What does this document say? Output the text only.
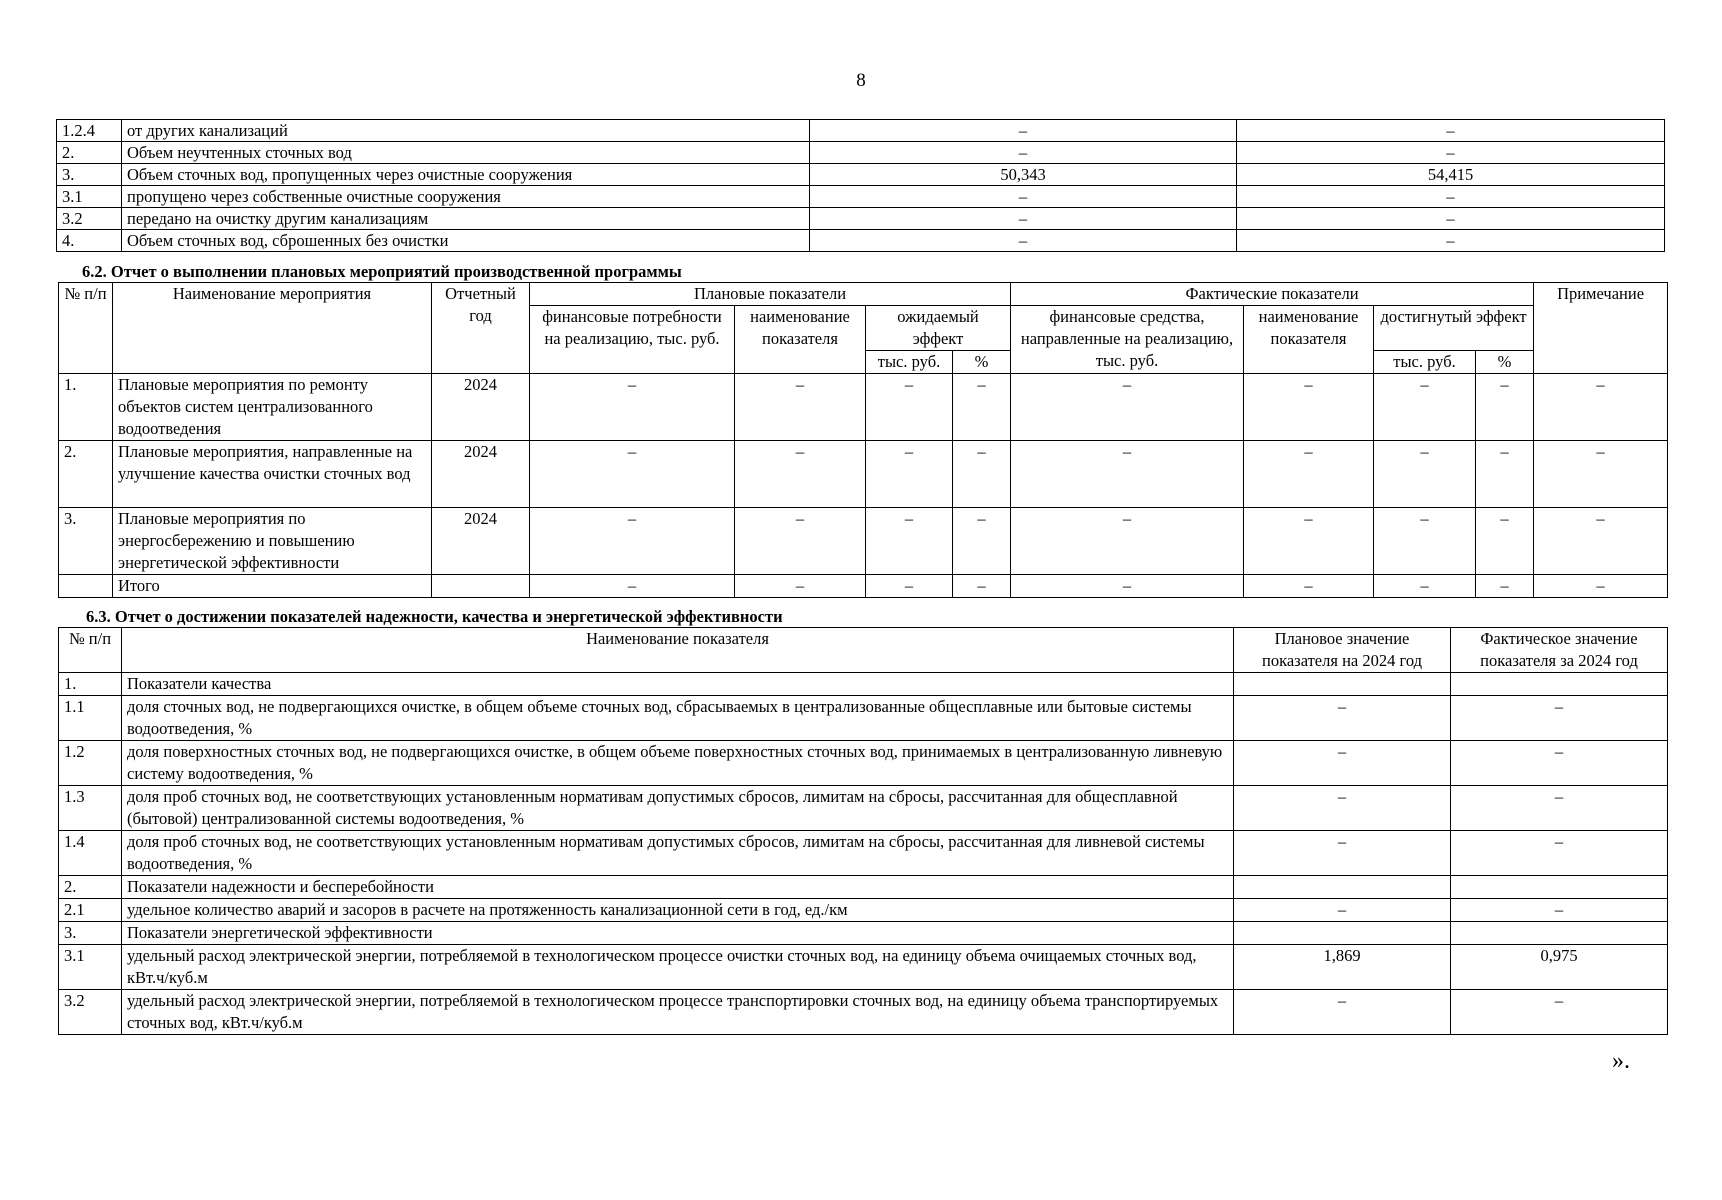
8
1.2.4	от других канализаций	–	–
2.	Объем неучтенных сточных вод	–	–
3.	Объем сточных вод, пропущенных через очистные сооружения	50,343	54,415
3.1	пропущено через собственные очистные сооружения	–	–
3.2	передано на очистку другим канализациям	–	–
4.	Объем сточных вод, сброшенных без очистки	–	–
6.2. Отчет о выполнении плановых мероприятий производственной программы
№ п/п	Наименование мероприятия	Отчетный год	Плановые показатели				Фактические показатели				Примечание
			финансовые потребности на реализацию, тыс. руб.	наименование показателя	ожидаемый эффект		финансовые средства, направленные на реализацию, тыс. руб.	наименование показателя	достигнутый эффект		
					тыс. руб.	%			тыс. руб.	%	
1.	Плановые мероприятия по ремонту объектов систем централизованного водоотведения	2024	–	–	–	–	–	–	–	–	–
2.	Плановые мероприятия, направленные на улучшение качества очистки сточных вод	2024	–	–	–	–	–	–	–	–	–
3.	Плановые мероприятия по энергосбережению и повышению энергетической эффективности	2024	–	–	–	–	–	–	–	–	–
	Итого		–	–	–	–	–	–	–	–	–
6.3. Отчет о достижении показателей надежности, качества и энергетической эффективности
№ п/п	Наименование показателя	Плановое значение показателя на 2024 год	Фактическое значение показателя за 2024 год
1.	Показатели качества		
1.1	доля сточных вод, не подвергающихся очистке, в общем объеме сточных вод, сбрасываемых в централизованные общесплавные или бытовые системы водоотведения, %	–	–
1.2	доля поверхностных сточных вод, не подвергающихся очистке, в общем объеме поверхностных сточных вод, принимаемых в централизованную ливневую систему водоотведения, %	–	–
1.3	доля проб сточных вод, не соответствующих установленным нормативам допустимых сбросов, лимитам на сбросы, рассчитанная для общесплавной (бытовой) централизованной системы водоотведения, %	–	–
1.4	доля проб сточных вод, не соответствующих установленным нормативам допустимых сбросов, лимитам на сбросы, рассчитанная для ливневой системы водоотведения, %	–	–
2.	Показатели надежности и бесперебойности		
2.1	удельное количество аварий и засоров в расчете на протяженность канализационной сети в год, ед./км	–	–
3.	Показатели энергетической эффективности		
3.1	удельный расход электрической энергии, потребляемой в технологическом процессе очистки сточных вод, на единицу объема очищаемых сточных вод, кВт.ч/куб.м	1,869	0,975
3.2	удельный расход электрической энергии, потребляемой в технологическом процессе транспортировки сточных вод, на единицу объема транспортируемых сточных вод, кВт.ч/куб.м	–	–
».
